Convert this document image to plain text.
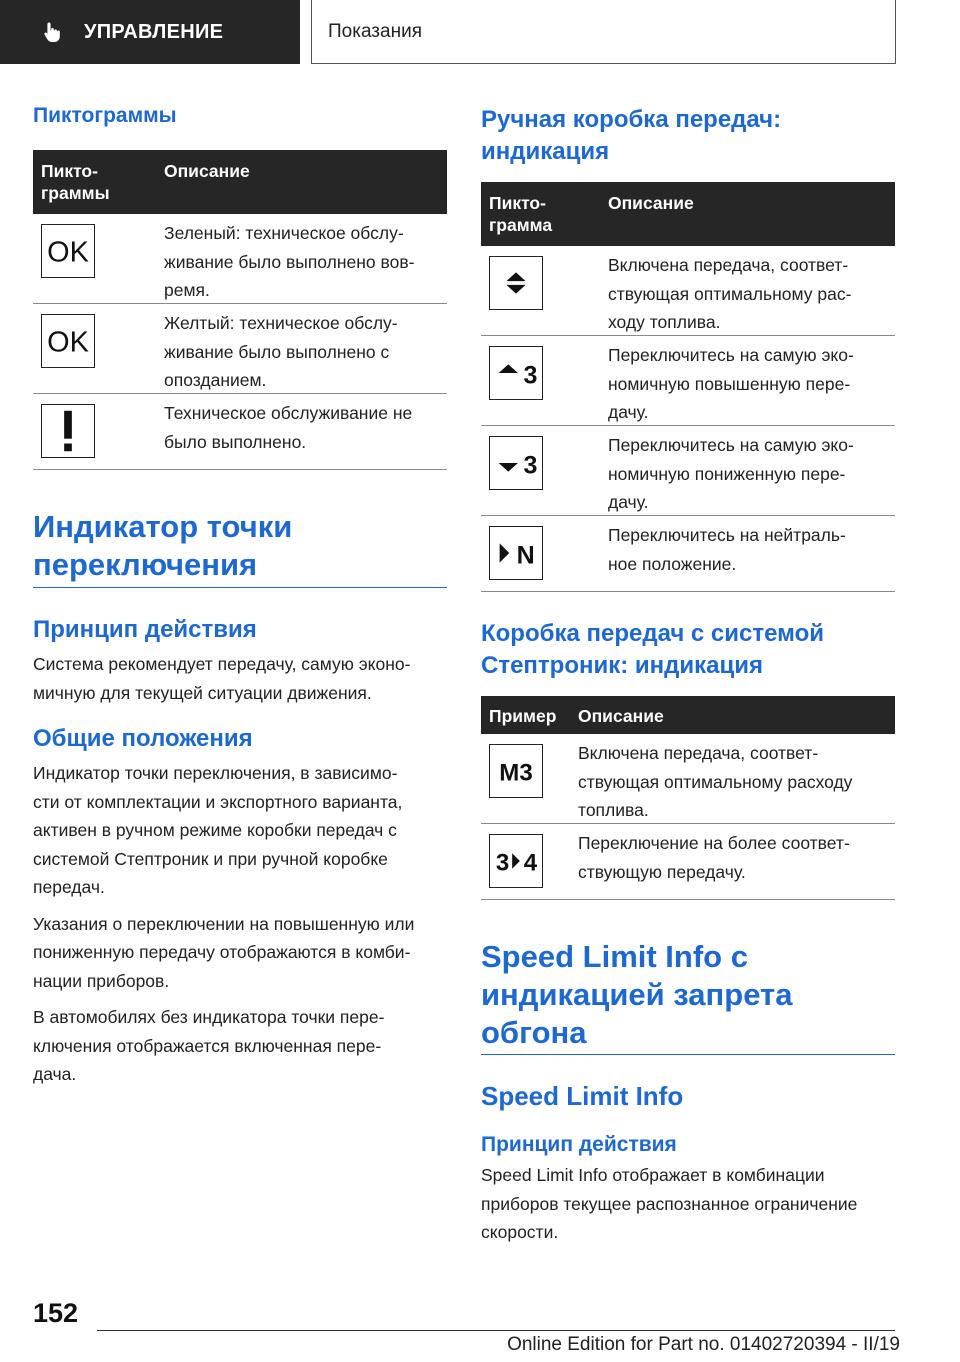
УПРАВЛЕНИЕ	Показания
Пиктограммы
Пикто-
граммы
Описание
OK
Зеленый: техническое обслу-
живание было выполнено вов-
ремя.
OK
Желтый: техническое обслу-
живание было выполнено с
опозданием.
Техническое обслуживание не
было выполнено.
Индикатор точки
переключения
Принцип действия
Система рекомендует передачу, самую эконо-
мичную для текущей ситуации движения.
Общие положения
Индикатор точки переключения, в зависимо-
сти от комплектации и экспортного варианта,
активен в ручном режиме коробки передач с
системой Стептроник и при ручной коробке
передач.
Указания о переключении на повышенную или
пониженную передачу отображаются в комби-
нации приборов.
В автомобилях без индикатора точки пере-
ключения отображается включенная пере-
дача.
Ручная коробка передач:
индикация
Пикто-
грамма
Описание
Включена передача, соответ-
ствующая оптимальному рас-
ходу топлива.
3
Переключитесь на самую эко-
номичную повышенную пере-
дачу.
3
Переключитесь на самую эко-
номичную пониженную пере-
дачу.
N
Переключитесь на нейтраль-
ное положение.
Коробка передач с системой
Стептроник: индикация
Пример Описание
M3
Включена передача, соответ-
ствующая оптимальному расходу
топлива.
3 4
Переключение на более соответ-
ствующую передачу.
Speed Limit Info с
индикацией запрета
обгона
Speed Limit Info
Принцип действия
Speed Limit Info отображает в комбинации
приборов текущее распознанное ограничение
скорости.
152
Online Edition for Part no. 01402720394 - II/19
